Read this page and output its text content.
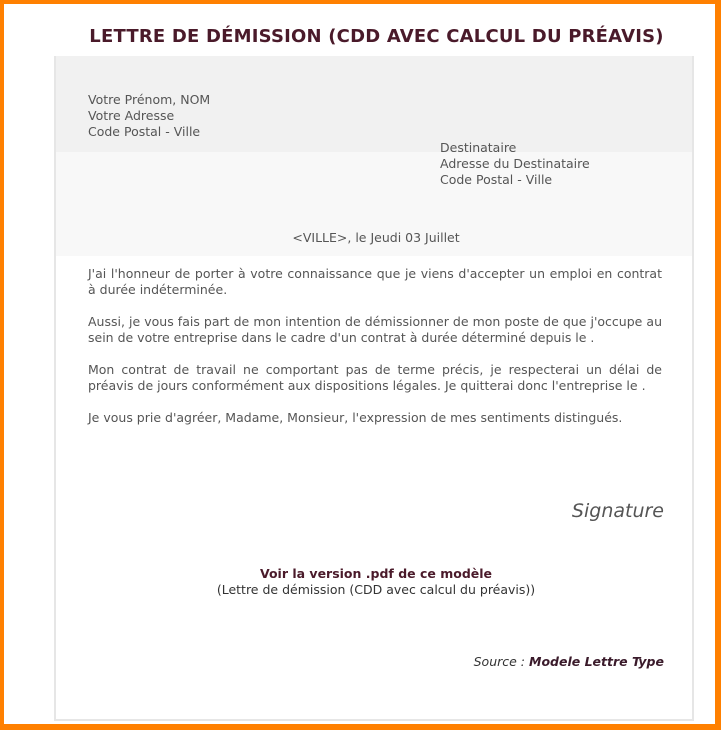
LETTRE DE DÉMISSION (CDD AVEC CALCUL DU PRÉAVIS)
Votre Prénom, NOM
Votre Adresse
Code Postal - Ville
Destinataire
Adresse du Destinataire
Code Postal - Ville
<VILLE>, le Jeudi 03 Juillet

J'ai l'honneur de porter à votre connaissance que je viens d'accepter un emploi en contrat à durée indéterminée.

Aussi, je vous fais part de mon intention de démissionner de mon poste de que j'occupe au sein de votre entreprise dans le cadre d'un contrat à durée déterminé depuis le .

Mon contrat de travail ne comportant pas de terme précis, je respecterai un délai de préavis de jours conformément aux dispositions légales. Je quitterai donc l'entreprise le .

Je vous prie d'agréer, Madame, Monsieur, l'expression de mes sentiments distingués.

Signature
Voir la version .pdf de ce modèle
(Lettre de démission (CDD avec calcul du préavis))
Source : Modele Lettre Type
